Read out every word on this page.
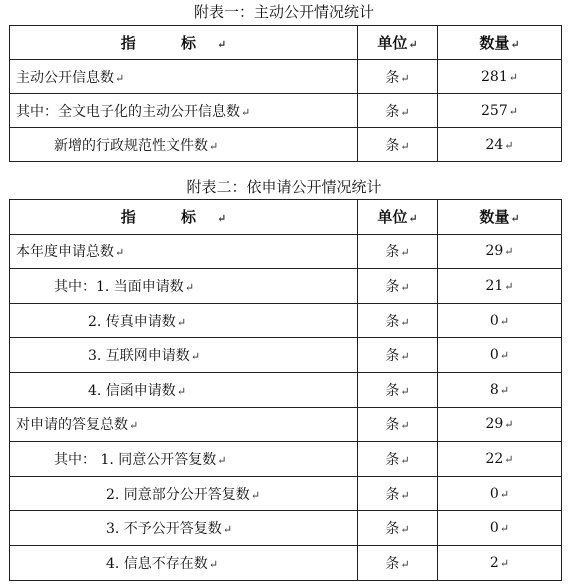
附表一：主动公开情况统计
指 标↵	单位↵	数量↵
主动公开信息数↵	条↵	281↵
其中：全文电子化的主动公开信息数↵	条↵	257↵
新增的行政规范性文件数↵	条↵	24↵
附表二：依申请公开情况统计
指 标↵	单位↵	数量↵
本年度申请总数↵	条↵	29↵
其中：1. 当面申请数↵	条↵	21↵
2. 传真申请数↵	条↵	0↵
3. 互联网申请数↵	条↵	0↵
4. 信函申请数↵	条↵	8↵
对申请的答复总数↵	条↵	29↵
其中： 1. 同意公开答复数↵	条↵	22↵
2. 同意部分公开答复数↵	条↵	0↵
3. 不予公开答复数↵	条↵	0↵
4. 信息不存在数↵	条↵	2↵
